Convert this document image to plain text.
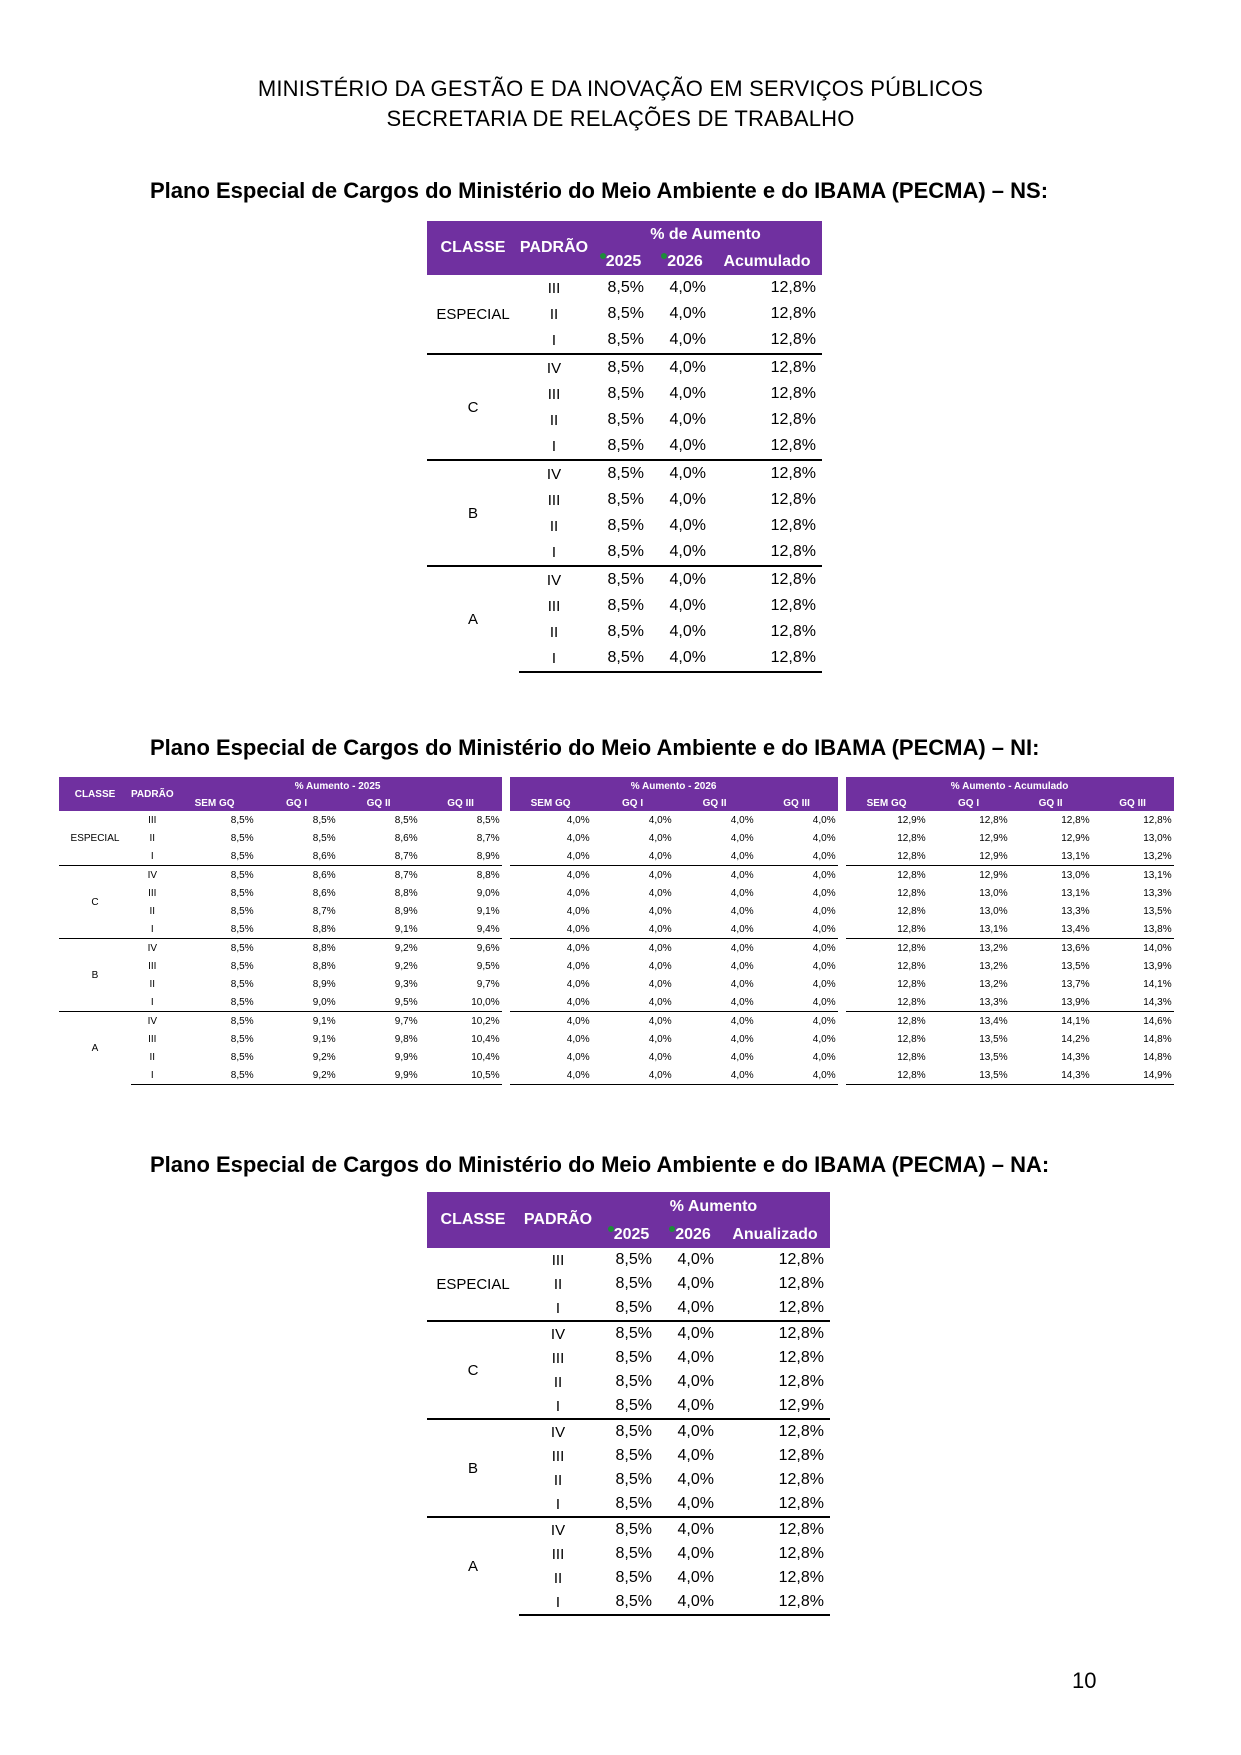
MINISTÉRIO DA GESTÃO E DA INOVAÇÃO EM SERVIÇOS PÚBLICOS
SECRETARIA DE RELAÇÕES DE TRABALHO
Plano Especial de Cargos do Ministério do Meio Ambiente e do IBAMA (PECMA) – NS:
CLASSE	PADRÃO	% de Aumento		
		2025	2026	Acumulado
ESPECIAL	III	8,5%	4,0%	12,8%
	II	8,5%	4,0%	12,8%
	I	8,5%	4,0%	12,8%
C	IV	8,5%	4,0%	12,8%
	III	8,5%	4,0%	12,8%
	II	8,5%	4,0%	12,8%
	I	8,5%	4,0%	12,8%
B	IV	8,5%	4,0%	12,8%
	III	8,5%	4,0%	12,8%
	II	8,5%	4,0%	12,8%
	I	8,5%	4,0%	12,8%
A	IV	8,5%	4,0%	12,8%
	III	8,5%	4,0%	12,8%
	II	8,5%	4,0%	12,8%
	I	8,5%	4,0%	12,8%
Plano Especial de Cargos do Ministério do Meio Ambiente e do IBAMA (PECMA) – NI:
CLASSE	PADRÃO	% Aumento - 2025					% Aumento - 2026					% Aumento - Acumulado			
		SEM GQ	GQ I	GQ II	GQ III		SEM GQ	GQ I	GQ II	GQ III		SEM GQ	GQ I	GQ II	GQ III
ESPECIAL	III	8,5%	8,5%	8,5%	8,5%		4,0%	4,0%	4,0%	4,0%		12,9%	12,8%	12,8%	12,8%
	II	8,5%	8,5%	8,6%	8,7%		4,0%	4,0%	4,0%	4,0%		12,8%	12,9%	12,9%	13,0%
	I	8,5%	8,6%	8,7%	8,9%		4,0%	4,0%	4,0%	4,0%		12,8%	12,9%	13,1%	13,2%
C	IV	8,5%	8,6%	8,7%	8,8%		4,0%	4,0%	4,0%	4,0%		12,8%	12,9%	13,0%	13,1%
	III	8,5%	8,6%	8,8%	9,0%		4,0%	4,0%	4,0%	4,0%		12,8%	13,0%	13,1%	13,3%
	II	8,5%	8,7%	8,9%	9,1%		4,0%	4,0%	4,0%	4,0%		12,8%	13,0%	13,3%	13,5%
	I	8,5%	8,8%	9,1%	9,4%		4,0%	4,0%	4,0%	4,0%		12,8%	13,1%	13,4%	13,8%
B	IV	8,5%	8,8%	9,2%	9,6%		4,0%	4,0%	4,0%	4,0%		12,8%	13,2%	13,6%	14,0%
	III	8,5%	8,8%	9,2%	9,5%		4,0%	4,0%	4,0%	4,0%		12,8%	13,2%	13,5%	13,9%
	II	8,5%	8,9%	9,3%	9,7%		4,0%	4,0%	4,0%	4,0%		12,8%	13,2%	13,7%	14,1%
	I	8,5%	9,0%	9,5%	10,0%		4,0%	4,0%	4,0%	4,0%		12,8%	13,3%	13,9%	14,3%
A	IV	8,5%	9,1%	9,7%	10,2%		4,0%	4,0%	4,0%	4,0%		12,8%	13,4%	14,1%	14,6%
	III	8,5%	9,1%	9,8%	10,4%		4,0%	4,0%	4,0%	4,0%		12,8%	13,5%	14,2%	14,8%
	II	8,5%	9,2%	9,9%	10,4%		4,0%	4,0%	4,0%	4,0%		12,8%	13,5%	14,3%	14,8%
	I	8,5%	9,2%	9,9%	10,5%		4,0%	4,0%	4,0%	4,0%		12,8%	13,5%	14,3%	14,9%
Plano Especial de Cargos do Ministério do Meio Ambiente e do IBAMA (PECMA) – NA:
CLASSE	PADRÃO	% Aumento		
		2025	2026	Anualizado
ESPECIAL	III	8,5%	4,0%	12,8%
	II	8,5%	4,0%	12,8%
	I	8,5%	4,0%	12,8%
C	IV	8,5%	4,0%	12,8%
	III	8,5%	4,0%	12,8%
	II	8,5%	4,0%	12,8%
	I	8,5%	4,0%	12,9%
B	IV	8,5%	4,0%	12,8%
	III	8,5%	4,0%	12,8%
	II	8,5%	4,0%	12,8%
	I	8,5%	4,0%	12,8%
A	IV	8,5%	4,0%	12,8%
	III	8,5%	4,0%	12,8%
	II	8,5%	4,0%	12,8%
	I	8,5%	4,0%	12,8%
10
